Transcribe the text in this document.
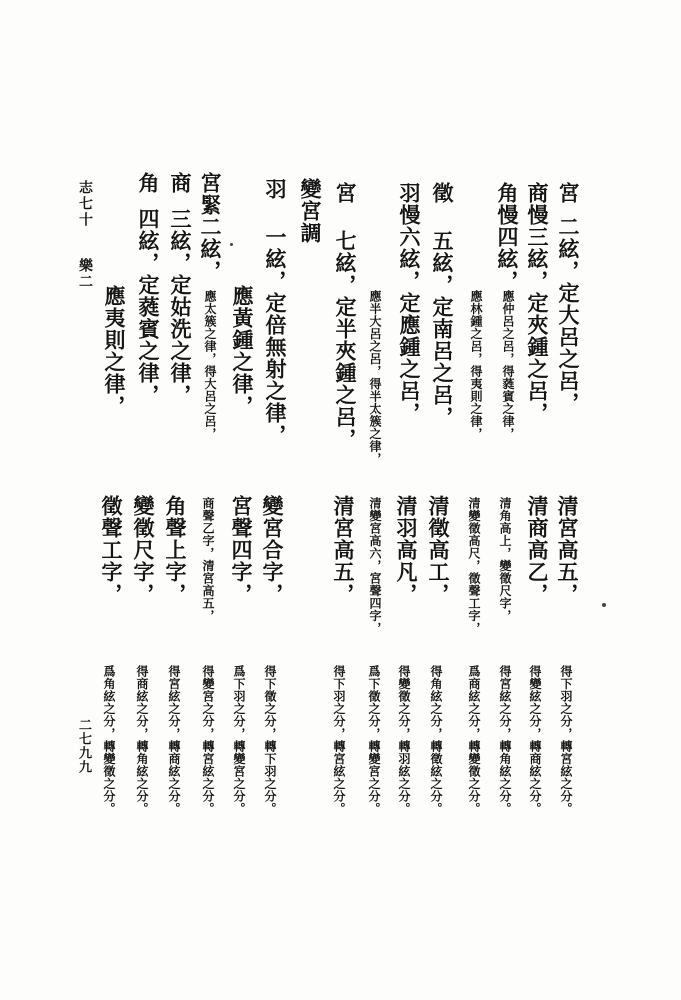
宮二絃，定大呂之呂，
清宮高五，
得下羽之分，轉宮絃之分。
商慢三絃，定夾鍾之呂，
清商高乙，
得變絃之分，轉商絃之分。
角慢四絃，
應仲呂之呂，得蕤賓之律，
清角高上，變徵尺字，
得宮絃之分，轉角絃之分。
應林鍾之呂，得夷則之律，
清變徵高尺，徵聲工字，
爲商絃之分，轉變徵之分。
徵五絃，定南呂之呂，
清徵高工，
得角絃之分，轉徵絃之分。
羽慢六絃，定應鍾之呂，
清羽高凡，
得變徵之分，轉羽絃之分。
應半大呂之呂，得半太簇之律，
清變宮高六，宮聲四字，
爲下徵之分，轉變宮之分。
宮七絃，定半夾鍾之呂，
清宮高五，
得下羽之分，轉宮絃之分。
變宮調
羽一絃，定倍無射之律，
變宮合字，
得下徵之分，轉下羽之分。
應黃鍾之律，
宮聲四字，
爲下羽之分，轉變宮之分。
宮緊二絃，
應太簇之律，得大呂之呂，
商聲乙字，清宮高五，
得變宮之分，轉宮絃之分。
商三絃，定姑洗之律，
角聲上字，
得宮絃之分，轉商絃之分。
角四絃，定蕤賓之律，
變徵尺字，
得商絃之分，轉角絃之分。
應夷則之律，
徵聲工字，
爲角絃之分，轉變徵之分。
志七十
樂二
二七九九
